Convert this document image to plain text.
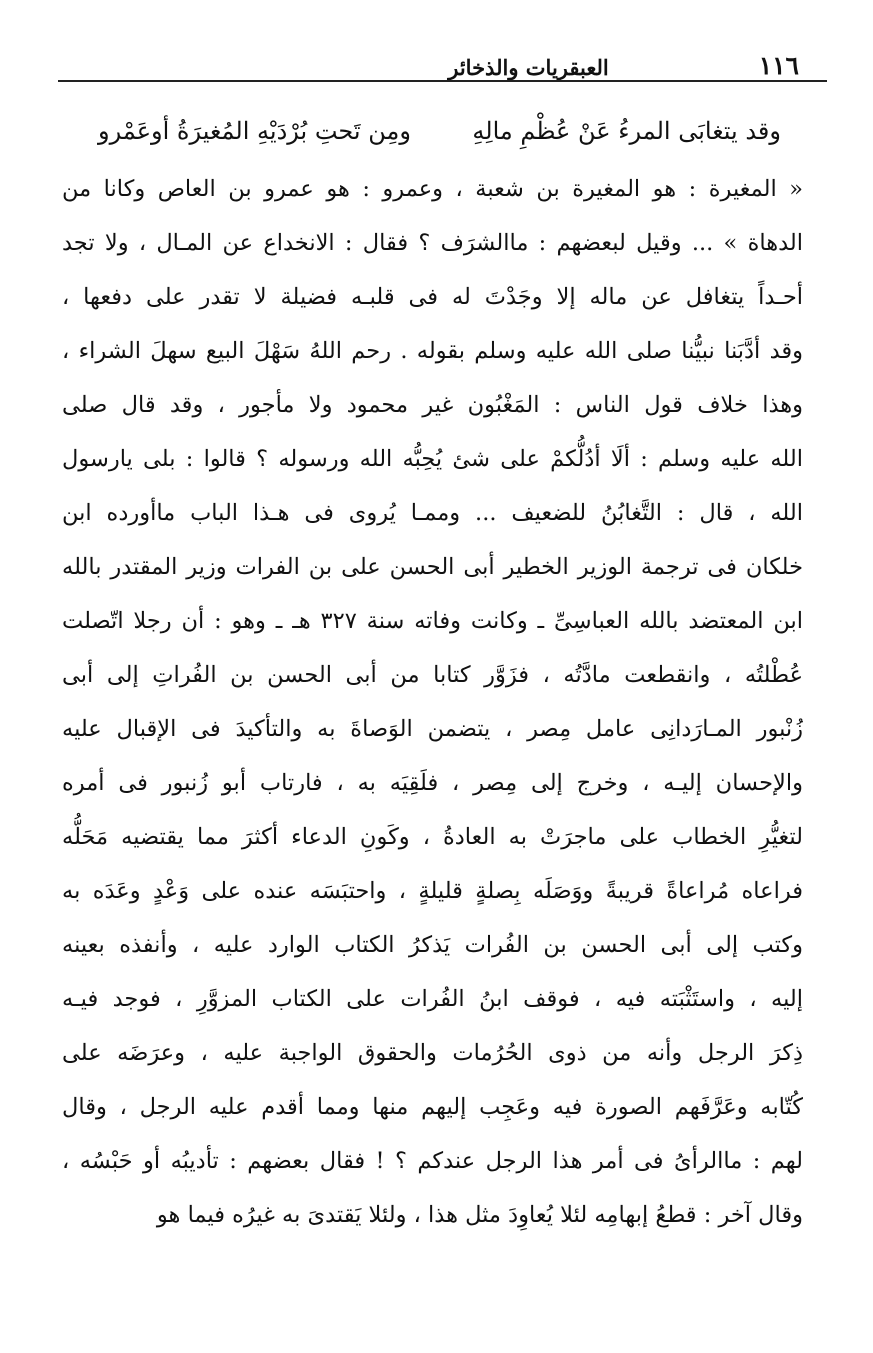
١١٦
العبقريات والذخائر
وقد يتغابَى المرءُ عَنْ عُظْمِ مالِهِ
ومِن تَحتِ بُرْدَيْهِ المُغيرَةُ أوعَمْرو
« المغيرة : هو المغيرة بن شعبة ، وعمرو : هو عمرو بن العاص وكانا من
الدهاة » ... وقيل لبعضهم : ماالشرَف ؟ فقال : الانخداع عن المـال ، ولا تجد
أحـداً يتغافل عن ماله إلا وجَدْتَ له فى قلبـه فضيلة لا تقدر على دفعها ،
وقد أدَّبَنا نبيُّنا صلى الله عليه وسلم بقوله . رحم اللهُ سَهْلَ البيع سهلَ الشراء ،
وهذا خلاف قول الناس : المَغْبُون غير محمود ولا مأجور ، وقد قال صلى
الله عليه وسلم : ألَا أدُلُّكمْ على شئ يُحِبُّه الله ورسوله ؟ قالوا : بلى يارسول
الله ، قال : التَّغابُنُ للضعيف ... وممـا يُروى فى هـذا الباب ماأورده ابن
خلكان فى ترجمة الوزير الخطير أبى الحسن على بن الفرات وزير المقتدر بالله
ابن المعتضد بالله العباسِىِّ ـ وكانت وفاته سنة ٣٢٧ هـ ـ وهو : أن رجلا اتّصلت
عُطْلتُه ، وانقطعت مادَّتُه ، فزَوَّر كتابا من أبى الحسن بن الفُراتِ إلى أبى
زُنْبور المـارَدانِى عامل مِصر ، يتضمن الوَصاةَ به والتأكيدَ فى الإقبال عليه
والإحسان إليـه ، وخرج إلى مِصر ، فلَقِيَه به ، فارتاب أبو زُنبور فى أمره
لتغيُّرِ الخطاب على ماجرَتْ به العادةُ ، وكَونِ الدعاء أكثرَ مما يقتضيه مَحَلُّه
فراعاه مُراعاةً قريبةً ووَصَلَه بِصلةٍ قليلةٍ ، واحتبَسَه عنده على وَعْدٍ وعَدَه به
وكتب إلى أبى الحسن بن الفُرات يَذكرُ الكتاب الوارد عليه ، وأنفذه بعينه
إليه ، واستَثْبَته فيه ، فوقف ابنُ الفُرات على الكتاب المزوَّرِ ، فوجد فيـه
ذِكرَ الرجل وأنه من ذوى الحُرُمات والحقوق الواجبة عليه ، وعرَضَه على
كُتّابه وعَرَّفَهم الصورة فيه وعَجِب إليهم منها ومما أقدم عليه الرجل ، وقال
لهم : ماالرأىُ فى أمر هذا الرجل عندكم ؟ ! فقال بعضهم : تأديبُه أو حَبْسُه ،
وقال آخر : قطعُ إبهامِه لئلا يُعاوِدَ مثل هذا ، ولئلا يَقتدىَ به غيرُه فيما هو
